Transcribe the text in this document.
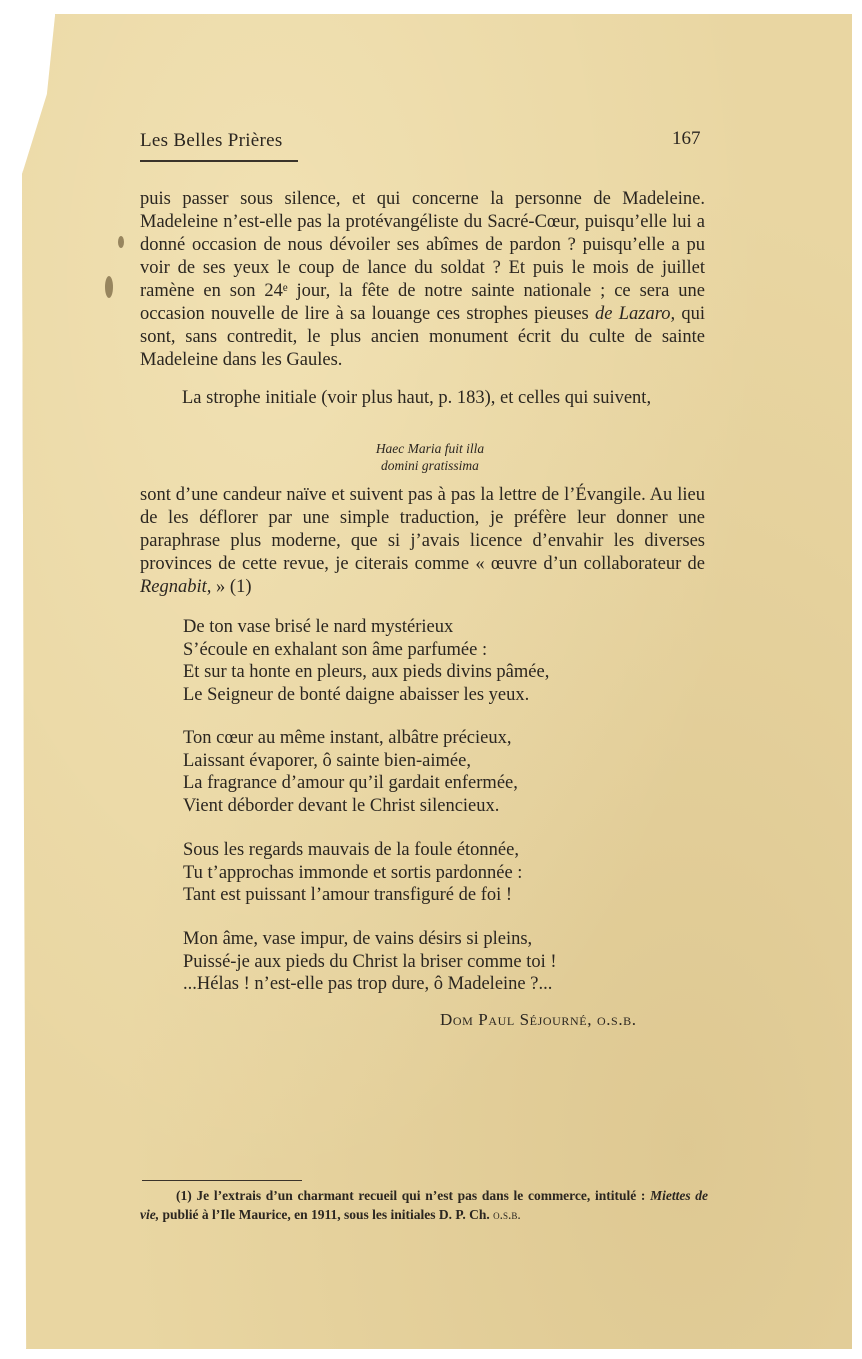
Les Belles Prières	167
puis passer sous silence, et qui concerne la personne de Madeleine. Madeleine n’est-elle pas la protévangéliste du Sacré-Cœur, puisqu’elle lui a donné occasion de nous dévoiler ses abîmes de pardon ? puisqu’elle a pu voir de ses yeux le coup de lance du soldat ? Et puis le mois de juillet ramène en son 24ᵉ jour, la fête de notre sainte nationale ; ce sera une occasion nouvelle de lire à sa louange ces strophes pieuses de Lazaro, qui sont, sans contredit, le plus ancien monument écrit du culte de sainte Madeleine dans les Gaules.
La strophe initiale (voir plus haut, p. 183), et celles qui suivent,
Haec Maria fuit illa
domini gratissima
sont d’une candeur naïve et suivent pas à pas la lettre de l’Évangile. Au lieu de les déflorer par une simple traduction, je préfère leur donner une paraphrase plus moderne, que si j’avais licence d’envahir les diverses provinces de cette revue, je citerais comme « œuvre d’un collaborateur de Regnabit, » (1)
De ton vase brisé le nard mystérieux
S’écoule en exhalant son âme parfumée :
Et sur ta honte en pleurs, aux pieds divins pâmée,
Le Seigneur de bonté daigne abaisser les yeux.
Ton cœur au même instant, albâtre précieux,
Laissant évaporer, ô sainte bien-aimée,
La fragrance d’amour qu’il gardait enfermée,
Vient déborder devant le Christ silencieux.
Sous les regards mauvais de la foule étonnée,
Tu t’approchas immonde et sortis pardonnée :
Tant est puissant l’amour transfiguré de foi !
Mon âme, vase impur, de vains désirs si pleins,
Puissé-je aux pieds du Christ la briser comme toi !
...Hélas ! n’est-elle pas trop dure, ô Madeleine ?...
Dom Paul Séjourné, o.s.b.
(1) Je l’extrais d’un charmant recueil qui n’est pas dans le commerce, intitulé : Miettes de vie, publié à l’Ile Maurice, en 1911, sous les initiales D. P. Ch. o.s.b.
